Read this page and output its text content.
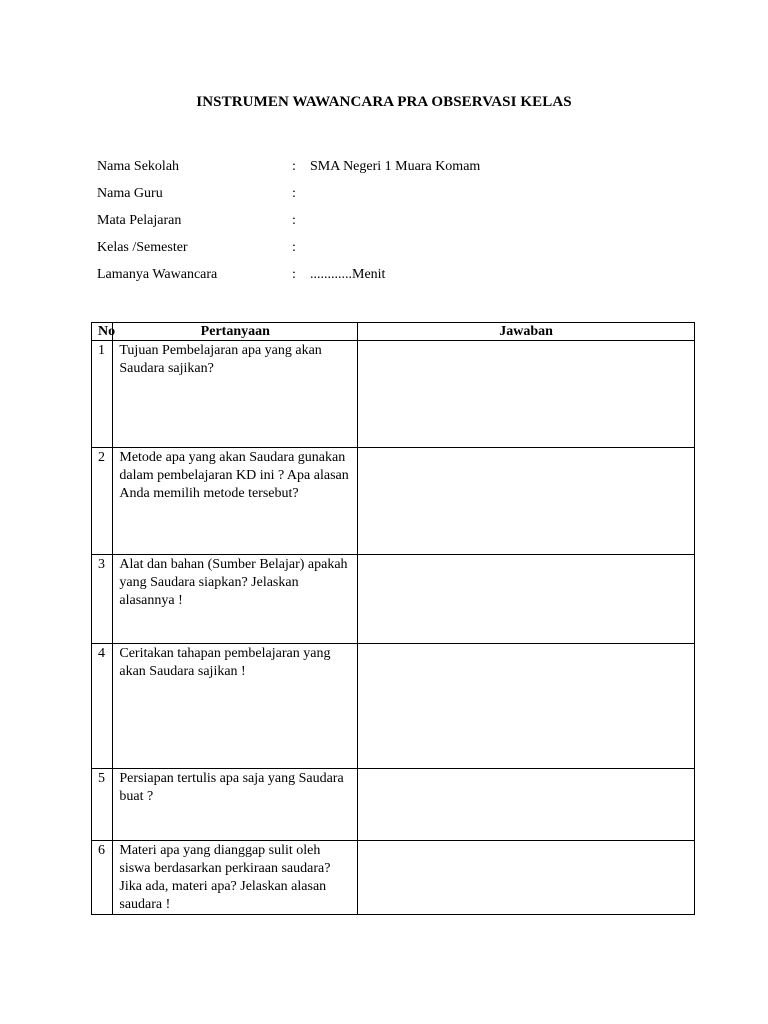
INSTRUMEN WAWANCARA PRA OBSERVASI KELAS
Nama Sekolah	: SMA Negeri 1 Muara Komam
Nama Guru	:
Mata Pelajaran	:
Kelas /Semester	:
Lamanya Wawancara	: ............Menit
No	Pertanyaan	Jawaban
1	Tujuan Pembelajaran apa yang akan Saudara sajikan?	
2	Metode apa yang akan Saudara gunakan dalam pembelajaran KD ini ? Apa alasan Anda memilih metode tersebut?	
3	Alat dan bahan (Sumber Belajar) apakah yang Saudara siapkan? Jelaskan alasannya !	
4	Ceritakan tahapan pembelajaran yang akan Saudara sajikan !	
5	Persiapan tertulis apa saja yang Saudara buat ?	
6	Materi apa yang dianggap sulit oleh siswa berdasarkan perkiraan saudara? Jika ada, materi apa? Jelaskan alasan saudara !	
